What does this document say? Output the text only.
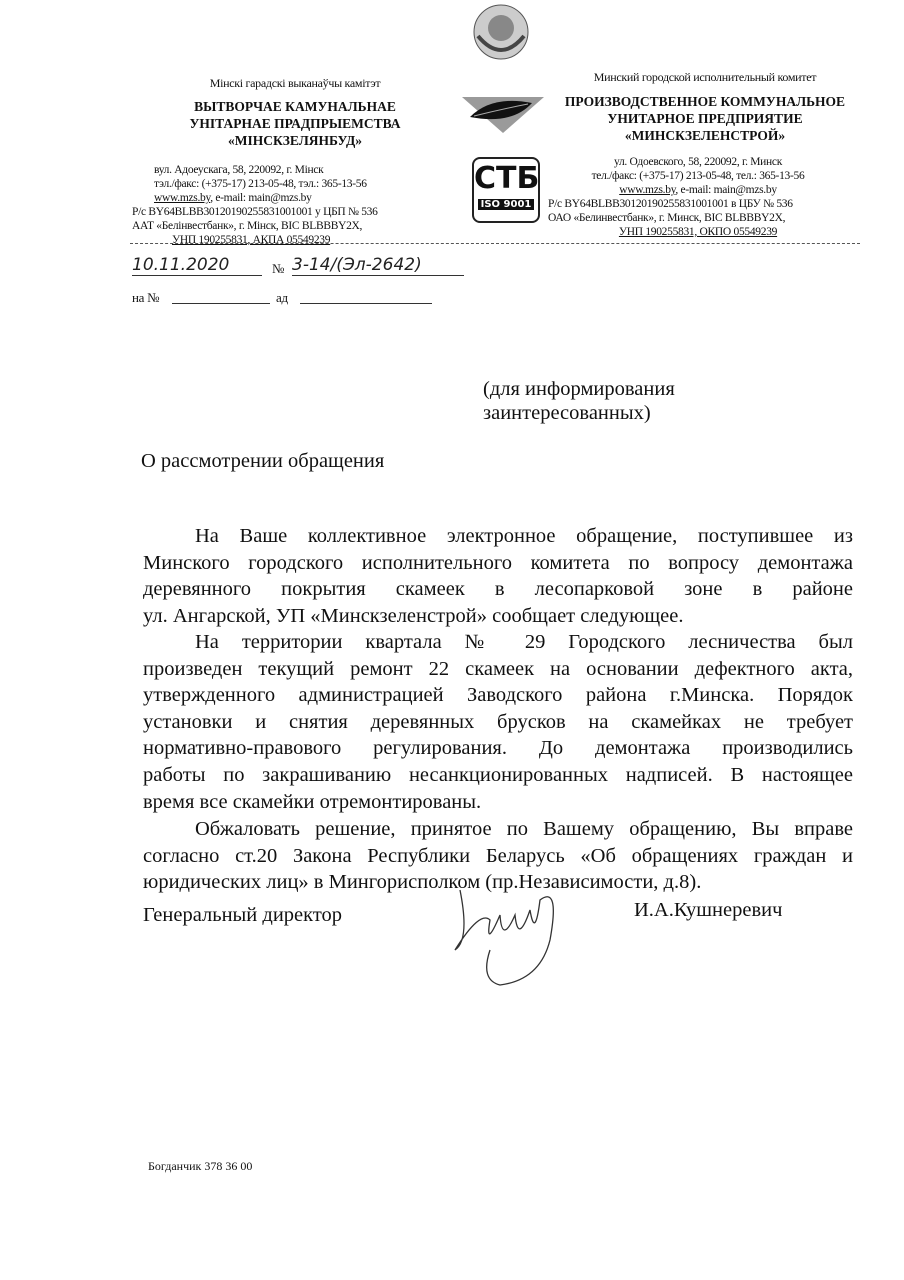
Мінскі гарадскі выканаўчы камітэт
ВЫТВОРЧАЕ КАМУНАЛЬНАЕ
УНІТАРНАЕ ПРАДПРЫЕМСТВА
«МІНСКЗЕЛЯНБУД»
вул. Адоеускага, 58, 220092, г. Мінск
тэл./факс: (+375-17) 213-05-48, тэл.: 365-13-56
www.mzs.by, e-mail: main@mzs.by
P/c BY64BLBB30120190255831001001 у ЦБП № 536
ААТ «Белінвестбанк», г. Мінск, ВІС BLBBBY2X,
УНП 190255831, АКПА 05549239
СТБ
ISO 9001
Минский городской исполнительный комитет
ПРОИЗВОДСТВЕННОЕ КОММУНАЛЬНОЕ
УНИТАРНОЕ ПРЕДПРИЯТИЕ
«МИНСКЗЕЛЕНСТРОЙ»
ул. Одоевского, 58, 220092, г. Минск
тел./факс: (+375-17) 213-05-48, тел.: 365-13-56
www.mzs.by, e-mail: main@mzs.by
P/c BY64BLBB30120190255831001001 в ЦБУ № 536
ОАО «Белинвестбанк», г. Минск, ВІС BLBBBY2X,
УНП 190255831, ОКПО 05549239
10.11.2020	№ 3-14/(Эл-2642)
на №	ад
(для информирования
заинтересованных)
О рассмотрении обращения
На Ваше коллективное электронное обращение, поступившее из
Минского городского исполнительного комитета по вопросу демонтажа
деревянного покрытия скамеек в лесопарковой зоне в районе
ул. Ангарской, УП «Минскзеленстрой» сообщает следующее.
На территории квартала № 29 Городского лесничества был
произведен текущий ремонт 22 скамеек на основании дефектного акта,
утвержденного администрацией Заводского района г.Минска. Порядок
установки и снятия деревянных брусков на скамейках не требует
нормативно-правового регулирования. До демонтажа производились
работы по закрашиванию несанкционированных надписей. В настоящее
время все скамейки отремонтированы.
Обжаловать решение, принятое по Вашему обращению, Вы вправе
согласно ст.20 Закона Республики Беларусь «Об обращениях граждан и
юридических лиц» в Мингорисполком (пр.Независимости, д.8).
Генеральный директор	И.А.Кушнеревич
Богданчик 378 36 00
